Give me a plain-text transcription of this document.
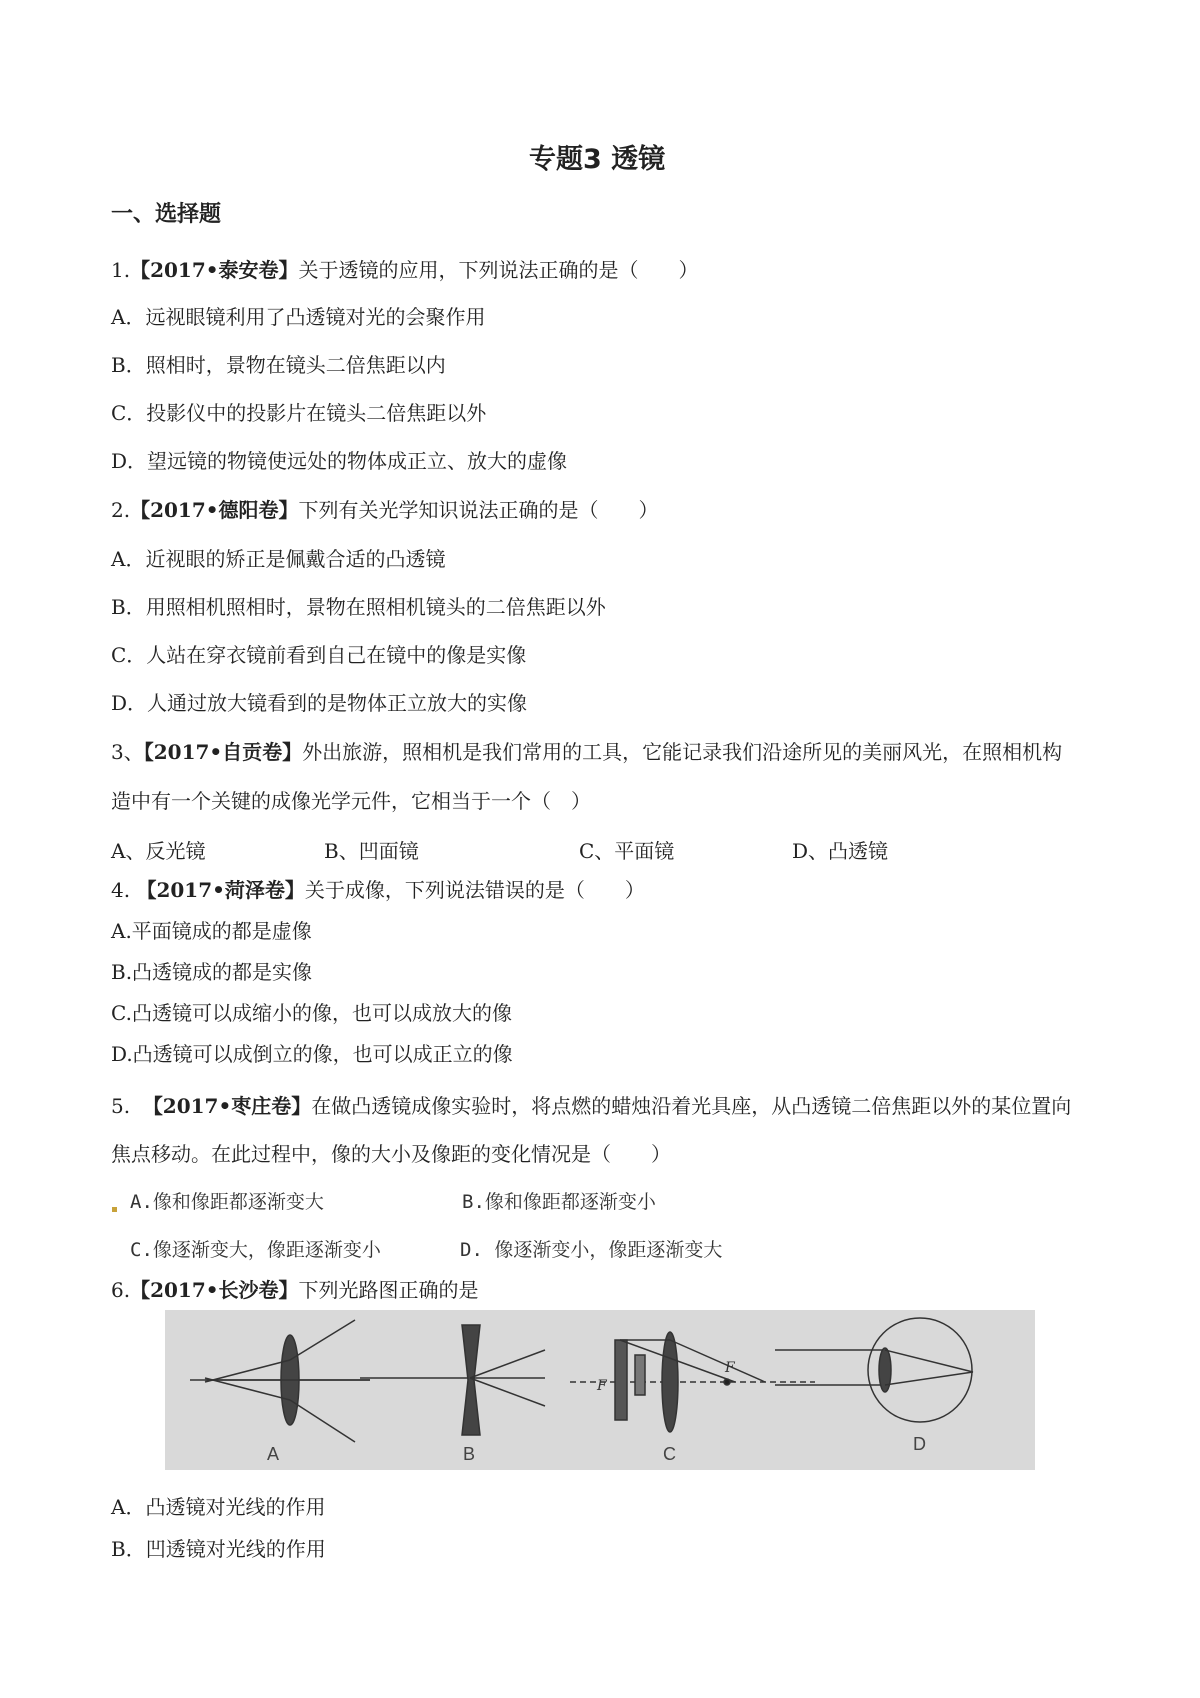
专题3 透镜
一、选择题
1.【2017•泰安卷】关于透镜的应用，下列说法正确的是（　　）
A．远视眼镜利用了凸透镜对光的会聚作用
B．照相时，景物在镜头二倍焦距以内
C．投影仪中的投影片在镜头二倍焦距以外
D．望远镜的物镜使远处的物体成正立、放大的虚像
2.【2017•德阳卷】下列有关光学知识说法正确的是（　　）
A．近视眼的矫正是佩戴合适的凸透镜
B．用照相机照相时，景物在照相机镜头的二倍焦距以外
C．人站在穿衣镜前看到自己在镜中的像是实像
D．人通过放大镜看到的是物体正立放大的实像
3、【2017•自贡卷】外出旅游，照相机是我们常用的工具，它能记录我们沿途所见的美丽风光，在照相机构
造中有一个关键的成像光学元件，它相当于一个（　）
A、反光镜	B、凹面镜	C、平面镜	D、凸透镜
4. 【2017•菏泽卷】关于成像，下列说法错误的是（　　）
A.平面镜成的都是虚像
B.凸透镜成的都是实像
C.凸透镜可以成缩小的像，也可以成放大的像
D.凸透镜可以成倒立的像，也可以成正立的像
5. 【2017•枣庄卷】在做凸透镜成像实验时，将点燃的蜡烛沿着光具座，从凸透镜二倍焦距以外的某位置向
焦点移动。在此过程中，像的大小及像距的变化情况是（　　）
A.像和像距都逐渐变大	B.像和像距都逐渐变小
C.像逐渐变大，像距逐渐变小	D. 像逐渐变小，像距逐渐变大
6.【2017•长沙卷】下列光路图正确的是
F
F
A	B	C	D
A．凸透镜对光线的作用
B．凹透镜对光线的作用
